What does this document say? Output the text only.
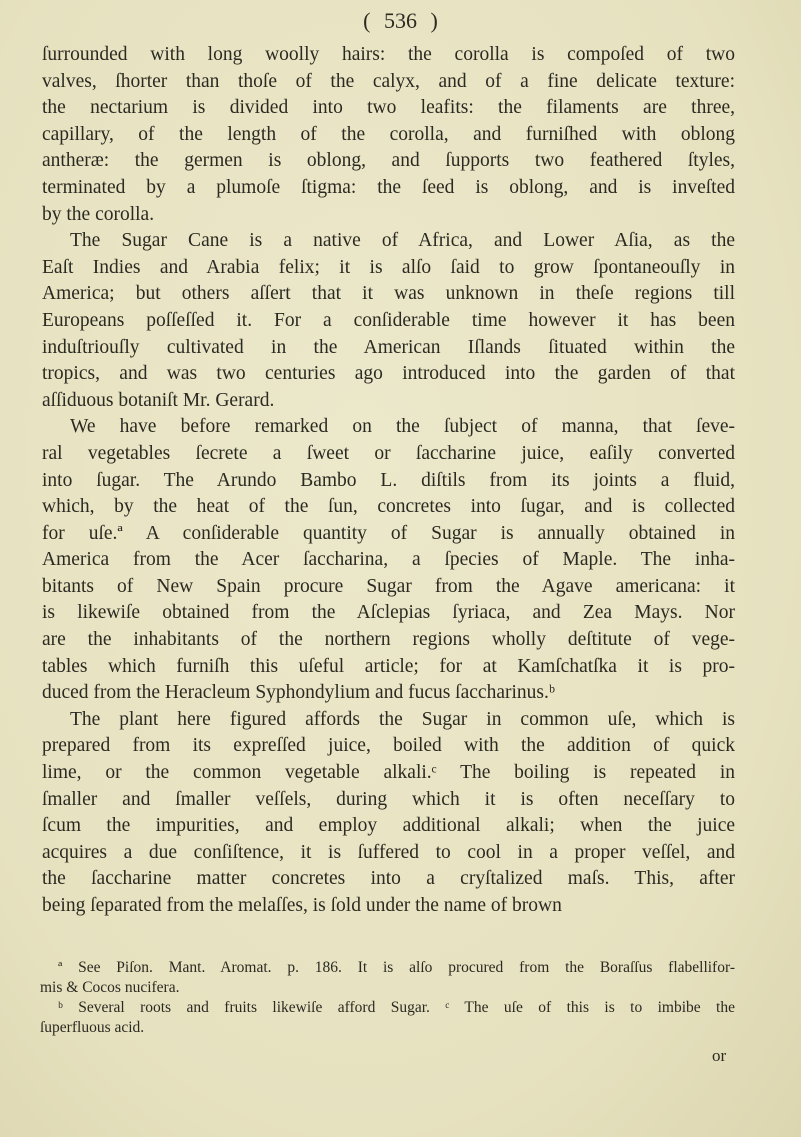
( 536 )
ſurrounded with long woolly hairs: the corolla is compoſed of two
valves, ſhorter than thoſe of the calyx, and of a fine delicate texture:
the nectarium is divided into two leafits: the filaments are three,
capillary, of the length of the corolla, and furniſhed with oblong
antheræ: the germen is oblong, and ſupports two feathered ſtyles,
terminated by a plumoſe ſtigma: the ſeed is oblong, and is inveſted
by the corolla.
The Sugar Cane is a native of Africa, and Lower Aſia, as the
Eaſt Indies and Arabia felix; it is alſo ſaid to grow ſpontaneouſly in
America; but others aſſert that it was unknown in theſe regions till
Europeans poſſeſſed it. For a conſiderable time however it has been
induſtriouſly cultivated in the American Iſlands ſituated within the
tropics, and was two centuries ago introduced into the garden of that
aſſiduous botaniſt Mr. Gerard.
We have before remarked on the ſubject of manna, that ſeve-
ral vegetables ſecrete a ſweet or ſaccharine juice, eaſily converted
into ſugar. The Arundo Bambo L. diſtils from its joints a fluid,
which, by the heat of the ſun, concretes into ſugar, and is collected
for uſe.ª A conſiderable quantity of Sugar is annually obtained in
America from the Acer ſaccharina, a ſpecies of Maple. The inha-
bitants of New Spain procure Sugar from the Agave americana: it
is likewiſe obtained from the Aſclepias ſyriaca, and Zea Mays. Nor
are the inhabitants of the northern regions wholly deſtitute of vege-
tables which furniſh this uſeful article; for at Kamſchatſka it is pro-
duced from the Heracleum Syphondylium and fucus ſaccharinus.ᵇ
The plant here figured affords the Sugar in common uſe, which is
prepared from its expreſſed juice, boiled with the addition of quick
lime, or the common vegetable alkali.ᶜ The boiling is repeated in
ſmaller and ſmaller veſſels, during which it is often neceſſary to
ſcum the impurities, and employ additional alkali; when the juice
acquires a due conſiſtence, it is ſuffered to cool in a proper veſſel, and
the ſaccharine matter concretes into a cryſtalized maſs. This, after
being ſeparated from the melaſſes, is ſold under the name of brown
ª See Piſon. Mant. Aromat. p. 186. It is alſo procured from the Boraſſus flabellifor-
mis & Cocos nucifera.
ᵇ Several roots and fruits likewiſe afford Sugar. ᶜ The uſe of this is to imbibe the
ſuperfluous acid.
or
